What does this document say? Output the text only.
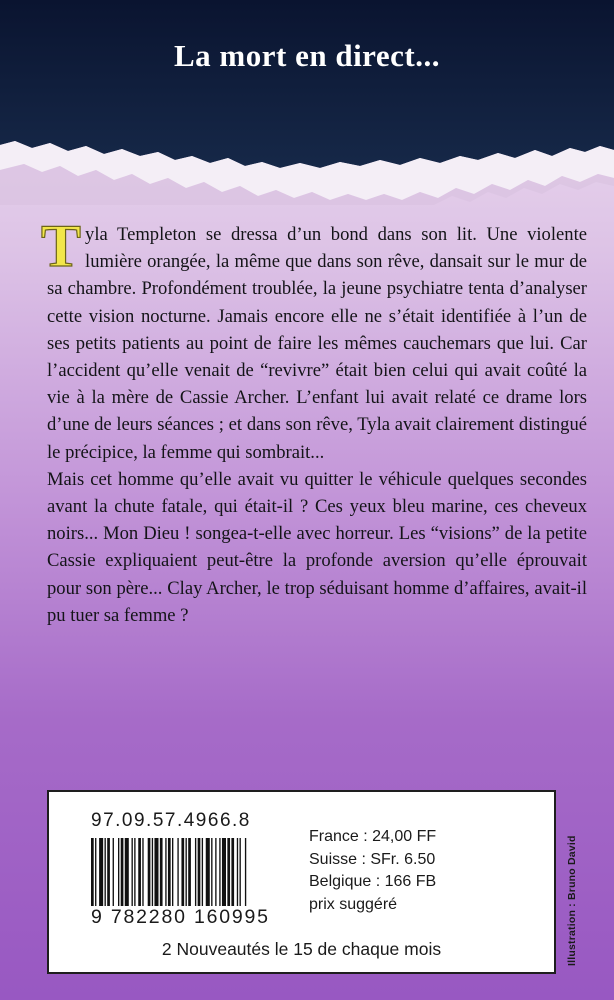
La mort en direct...

Tyla Templeton se dressa d’un bond dans son lit. Une violente lumière orangée, la même que dans son rêve, dansait sur le mur de sa chambre. Profondément troublée, la jeune psychiatre tenta d’analyser cette vision nocturne. Jamais encore elle ne s’était identifiée à l’un de ses petits patients au point de faire les mêmes cauchemars que lui. Car l’accident qu’elle venait de “revivre” était bien celui qui avait coûté la vie à la mère de Cassie Archer. L’enfant lui avait relaté ce drame lors d’une de leurs séances ; et dans son rêve, Tyla avait clairement distingué le précipice, la femme qui sombrait...

Mais cet homme qu’elle avait vu quitter le véhicule quelques secondes avant la chute fatale, qui était-il ? Ces yeux bleu marine, ces cheveux noirs... Mon Dieu ! songea-t-elle avec horreur. Les “visions” de la petite Cassie expliquaient peut-être la profonde aversion qu’elle éprouvait pour son père... Clay Archer, le trop séduisant homme d’affaires, avait-il pu tuer sa femme ?

97.09.57.4966.8
9 782280 160995
France : 24,00 FF
Suisse : SFr. 6.50
Belgique : 166 FB
prix suggéré
2 Nouveautés le 15 de chaque mois	Illustration : Bruno David
